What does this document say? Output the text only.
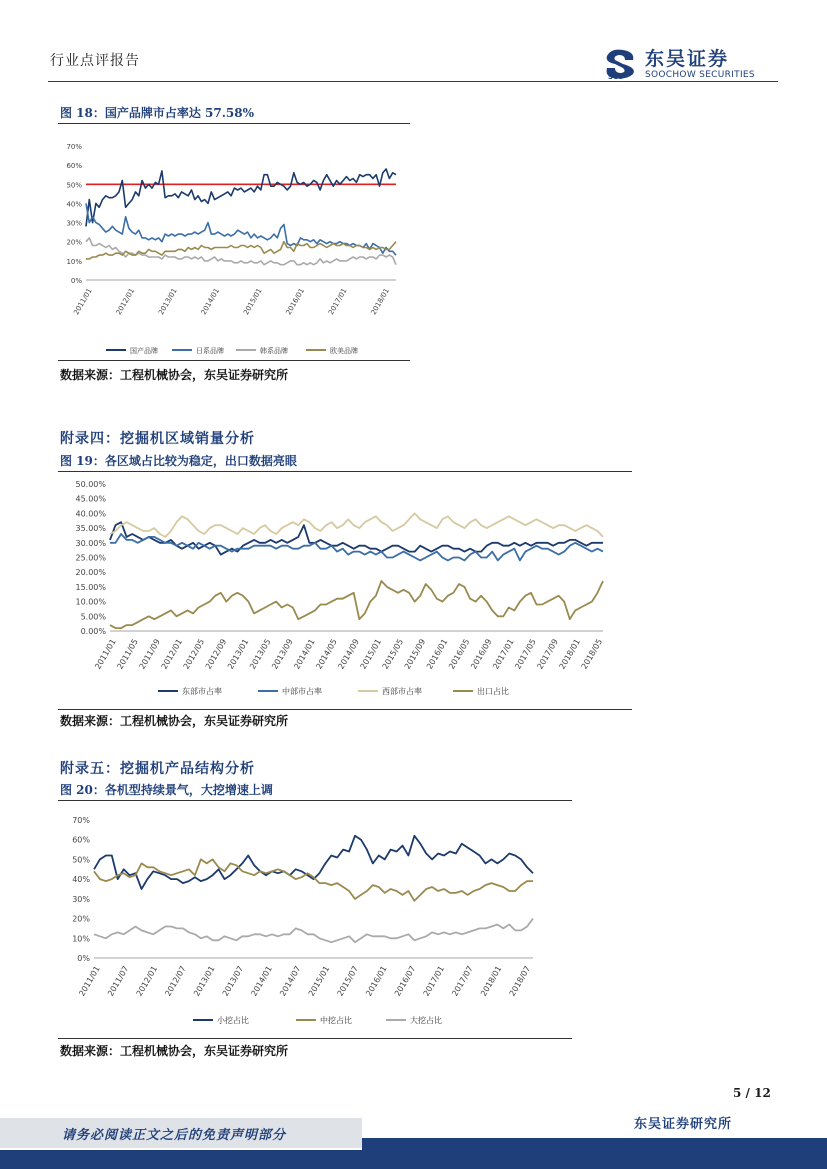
行业点评报告
SCS
东吴证券
SOOCHOW SECURITIES
图 18：国产品牌市占率达 57.58%
70%
60%
50%
40%
30%
20%
10%
0%
2011/01	2012/01	2013/01	2014/01	2015/01	2016/01	2017/01	2018/01
国产品牌	日系品牌	韩系品牌	欧美品牌
数据来源：工程机械协会，东吴证券研究所
附录四：挖掘机区域销量分析
图 19：各区域占比较为稳定，出口数据亮眼
50.00%
45.00%
40.00%
35.00%
30.00%
25.00%
20.00%
15.00%
10.00%
5.00%
0.00%
2011/01
2011/05
2011/09
2012/01
2012/05
2012/09
2013/01
2013/05
2013/09
2014/01
2014/05
2014/09
2015/01
2015/05
2015/09
2016/01
2016/05
2016/09
2017/01
2017/05
2017/09
2018/01
2018/05
东部市占率	中部市占率	西部市占率	出口占比
数据来源：工程机械协会，东吴证券研究所
附录五：挖掘机产品结构分析
图 20：各机型持续景气，大挖增速上调
70%
60%
50%
40%
30%
20%
10%
0%
2011/01 2011/07 2012/01 2012/07 2013/01 2013/07 2014/01 2014/07 2015/01 2015/07 2016/01 2016/07 2017/01 2017/07 2018/01 2018/07
小挖占比	中挖占比	大挖占比
数据来源：工程机械协会，东吴证券研究所
5 / 12
东吴证券研究所
请务必阅读正文之后的免责声明部分
